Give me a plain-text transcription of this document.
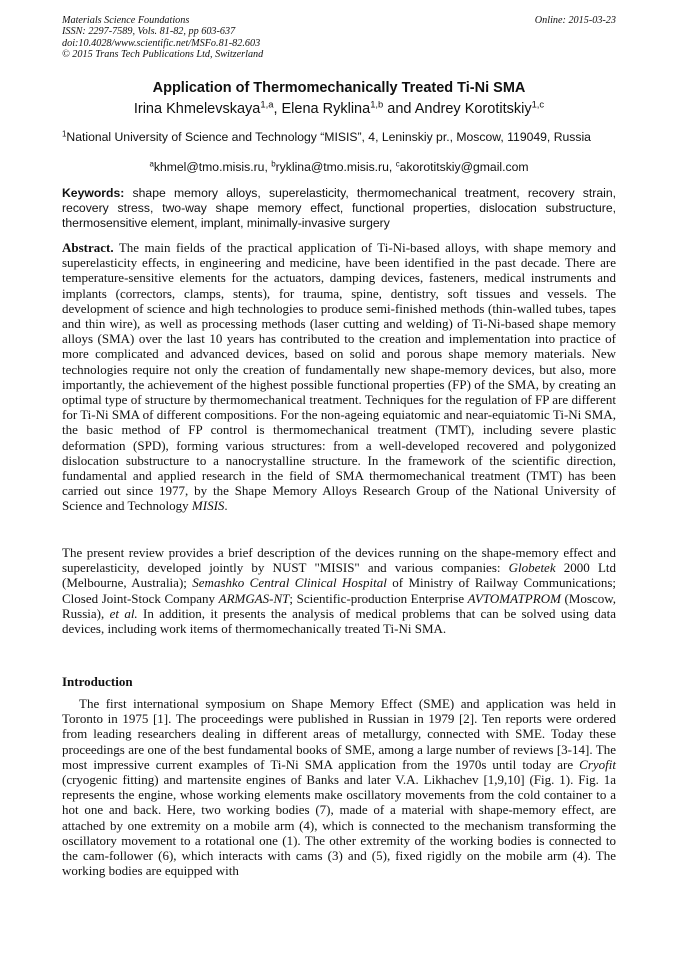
Materials Science Foundations
ISSN: 2297-7589, Vols. 81-82, pp 603-637
doi:10.4028/www.scientific.net/MSFo.81-82.603
© 2015 Trans Tech Publications Ltd, Switzerland
Online: 2015-03-23
Application of Thermomechanically Treated Ti-Ni SMA
Irina Khmelevskaya$^{1,a}$, Elena Ryklina$^{1,b}$ and Andrey Korotitskiy$^{1,c}$
$^1$National University of Science and Technology “MISIS”, 4, Leninskiy pr., Moscow, 119049, Russia
$^a$khmel@tmo.misis.ru, $^b$ryklina@tmo.misis.ru, $^c$akorotitskiy@gmail.com
Keywords: shape memory alloys, superelasticity, thermomechanical treatment, recovery strain, recovery stress, two-way shape memory effect, functional properties, dislocation substructure, thermosensitive element, implant, minimally-invasive surgery

Abstract. The main fields of the practical application of Ti-Ni-based alloys, with shape memory and superelasticity effects, in engineering and medicine, have been identified in the past decade. There are temperature-sensitive elements for the actuators, damping devices, fasteners, medical instruments and implants (correctors, clamps, stents), for trauma, spine, dentistry, soft tissues and vessels. The development of science and high technologies to produce semi-finished methods (thin-walled tubes, tapes and thin wire), as well as processing methods (laser cutting and welding) of Ti-Ni-based shape memory alloys (SMA) over the last 10 years has contributed to the creation and implementation into practice of more complicated and advanced devices, based on solid and porous shape memory materials. New technologies require not only the creation of fundamentally new shape-memory devices, but also, more importantly, the achievement of the highest possible functional properties (FP) of the SMA, by creating an optimal type of structure by thermomechanical treatment. Techniques for the regulation of FP are different for Ti-Ni SMA of different compositions. For the non-ageing equiatomic and near-equiatomic Ti-Ni SMA, the basic method of FP control is thermomechanical treatment (TMT), including severe plastic deformation (SPD), forming various structures: from a well-developed recovered and polygonized dislocation substructure to a nanocrystalline structure. In the framework of the scientific direction, fundamental and applied research in the field of SMA thermomechanical treatment (TMT) has been carried out since 1977, by the Shape Memory Alloys Research Group of the National University of Science and Technology MISIS.

The present review provides a brief description of the devices running on the shape-memory effect and superelasticity, developed jointly by NUST "MISIS" and various companies: Globetek 2000 Ltd (Melbourne, Australia); Semashko Central Clinical Hospital of Ministry of Railway Communications; Closed Joint-Stock Company ARMGAS-NT; Scientific-production Enterprise AVTOMATPROM (Moscow, Russia), et al. In addition, it presents the analysis of medical problems that can be solved using data devices, including work items of thermomechanically treated Ti-Ni SMA.

Introduction

The first international symposium on Shape Memory Effect (SME) and application was held in Toronto in 1975 [1]. The proceedings were published in Russian in 1979 [2]. Ten reports were ordered from leading researchers dealing in different areas of metallurgy, connected with SME. Today these proceedings are one of the best fundamental books of SME, among a large number of reviews [3-14]. The most impressive current examples of Ti-Ni SMA application from the 1970s until today are Cryofit (cryogenic fitting) and martensite engines of Banks and later V.A. Likhachev [1,9,10] (Fig. 1). Fig. 1a represents the engine, whose working elements make oscillatory movements from the cold container to a hot one and back. Here, two working bodies (7), made of a material with shape-memory effect, are attached by one extremity on a mobile arm (4), which is connected to the mechanism transforming the oscillatory movement to a rotational one (1). The other extremity of the working bodies is connected to the cam-follower (6), which interacts with cams (3) and (5), fixed rigidly on the mobile arm (4). The working bodies are equipped with
